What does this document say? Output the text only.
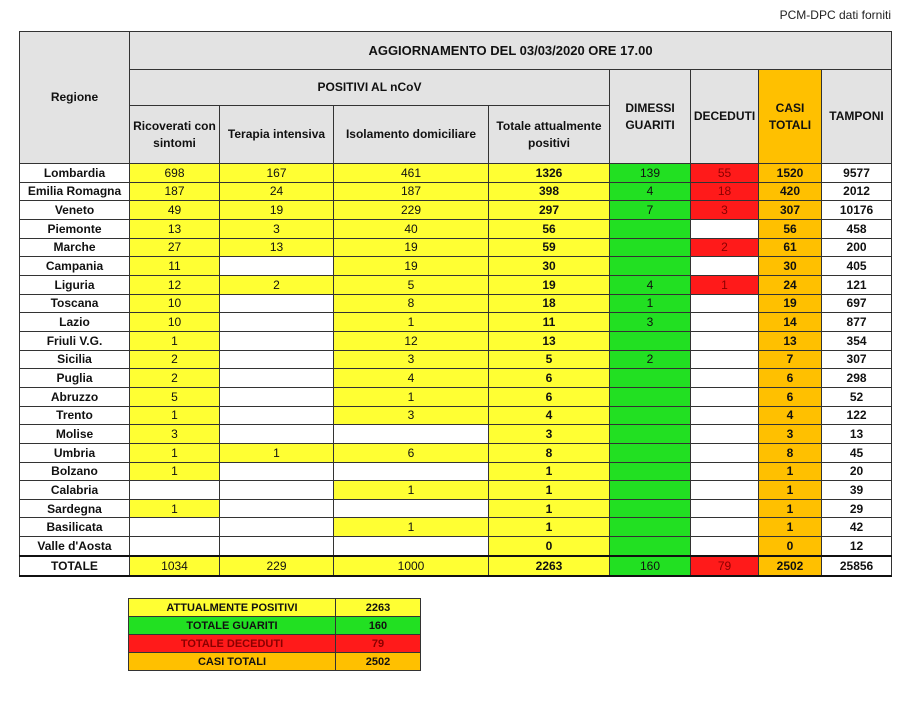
PCM-DPC dati forniti
Regione	AGGIORNAMENTO DEL 03/03/2020 ORE 17.00							
	POSITIVI AL nCoV				DIMESSI GUARITI	DECEDUTI	CASI TOTALI	TAMPONI
	Ricoverati con sintomi	Terapia intensiva	Isolamento domiciliare	Totale attualmente positivi				
Lombardia	698	167	461	1326	139	55	1520	9577
Emilia Romagna	187	24	187	398	4	18	420	2012
Veneto	49	19	229	297	7	3	307	10176
Piemonte	13	3	40	56			56	458
Marche	27	13	19	59		2	61	200
Campania	11		19	30			30	405
Liguria	12	2	5	19	4	1	24	121
Toscana	10		8	18	1		19	697
Lazio	10		1	11	3		14	877
Friuli V.G.	1		12	13			13	354
Sicilia	2		3	5	2		7	307
Puglia	2		4	6			6	298
Abruzzo	5		1	6			6	52
Trento	1		3	4			4	122
Molise	3			3			3	13
Umbria	1	1	6	8			8	45
Bolzano	1			1			1	20
Calabria			1	1			1	39
Sardegna	1			1			1	29
Basilicata			1	1			1	42
Valle d'Aosta				0			0	12
TOTALE	1034	229	1000	2263	160	79	2502	25856
ATTUALMENTE POSITIVI	2263
TOTALE GUARITI	160
TOTALE DECEDUTI	79
CASI TOTALI	2502
